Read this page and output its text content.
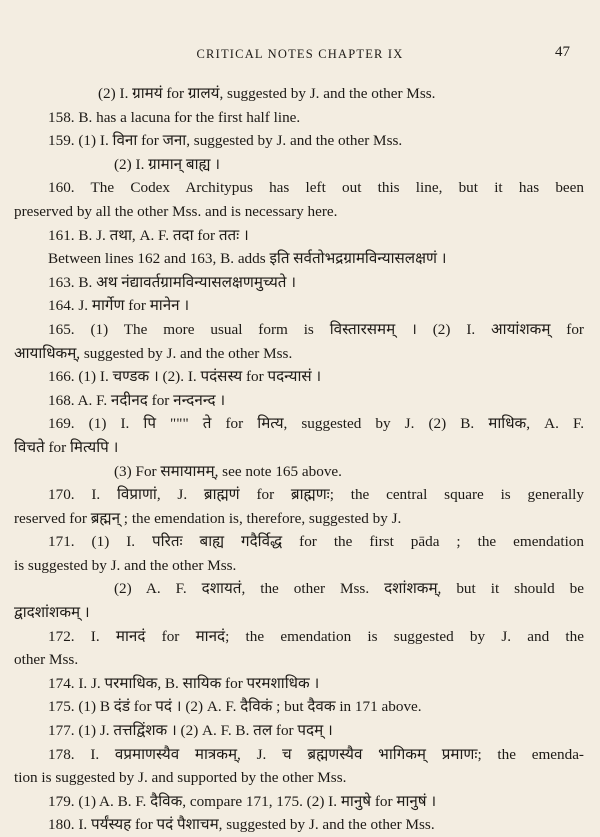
CRITICAL NOTES CHAPTER IX	47
(2) I. ग्रामयं for ग्रालयं, suggested by J. and the other Mss.
158. B. has a lacuna for the first half line.
159. (1) I. विना for जना, suggested by J. and the other Mss.
(2) I. ग्रामान् बाह्य ।
160. The Codex Architypus has left out this line, but it has been
preserved by all the other Mss. and is necessary here.
161. B. J. तथा, A. F. तदा for ततः ।
Between lines 162 and 163, B. adds इति सर्वतोभद्रग्रामविन्यासलक्षणं ।
163. B. अथ नंद्यावर्तग्रामविन्यासलक्षणमुच्यते ।
164. J. मार्गेण for मानेन ।
165. (1) The more usual form is विस्तारसमम् । (2) I. आयांशकम् for
आयाधिकम्, suggested by J. and the other Mss.
166. (1) I. चण्डक । (2). I. पदंसस्य for पदन्यासं ।
168. A. F. नदीनद for नन्दनन्द ।
169. (1) I. पि """ ते for मित्य, suggested by J. (2) B. माधिक, A. F.
विचते for मित्यपि ।
(3) For समायामम्, see note 165 above.
170. I. विप्राणां, J. ब्राह्मणं for ब्राह्मणः; the central square is generally
reserved for ब्रह्मन् ; the emendation is, therefore, suggested by J.
171. (1) I. परितः बाह्य गदैर्विद्ध for the first pāda ; the emendation
is suggested by J. and the other Mss.
(2) A. F. दशायतं, the other Mss. दशांशकम्, but it should be
द्वादशांशकम् ।
172. I. मानदं for मानदं; the emendation is suggested by J. and the
other Mss.
174. I. J. परमाधिक, B. सायिक for परमशाधिक ।
175. (1) B दंडं for पदं । (2) A. F. दैविकं ; but दैवक in 171 above.
177. (1) J. तत्तद्विंशक । (2) A. F. B. तल for पदम् ।
178. I. वप्रमाणस्यैव मात्रकम्, J. च ब्रह्मणस्यैव भागिकम् प्रमाणः; the emenda-
tion is suggested by J. and supported by the other Mss.
179. (1) A. B. F. दैविक, compare 171, 175. (2) I. मानुषे for मानुषं ।
180. I. पर्यंस्यह for पदं पैशाचम, suggested by J. and the other Mss.
